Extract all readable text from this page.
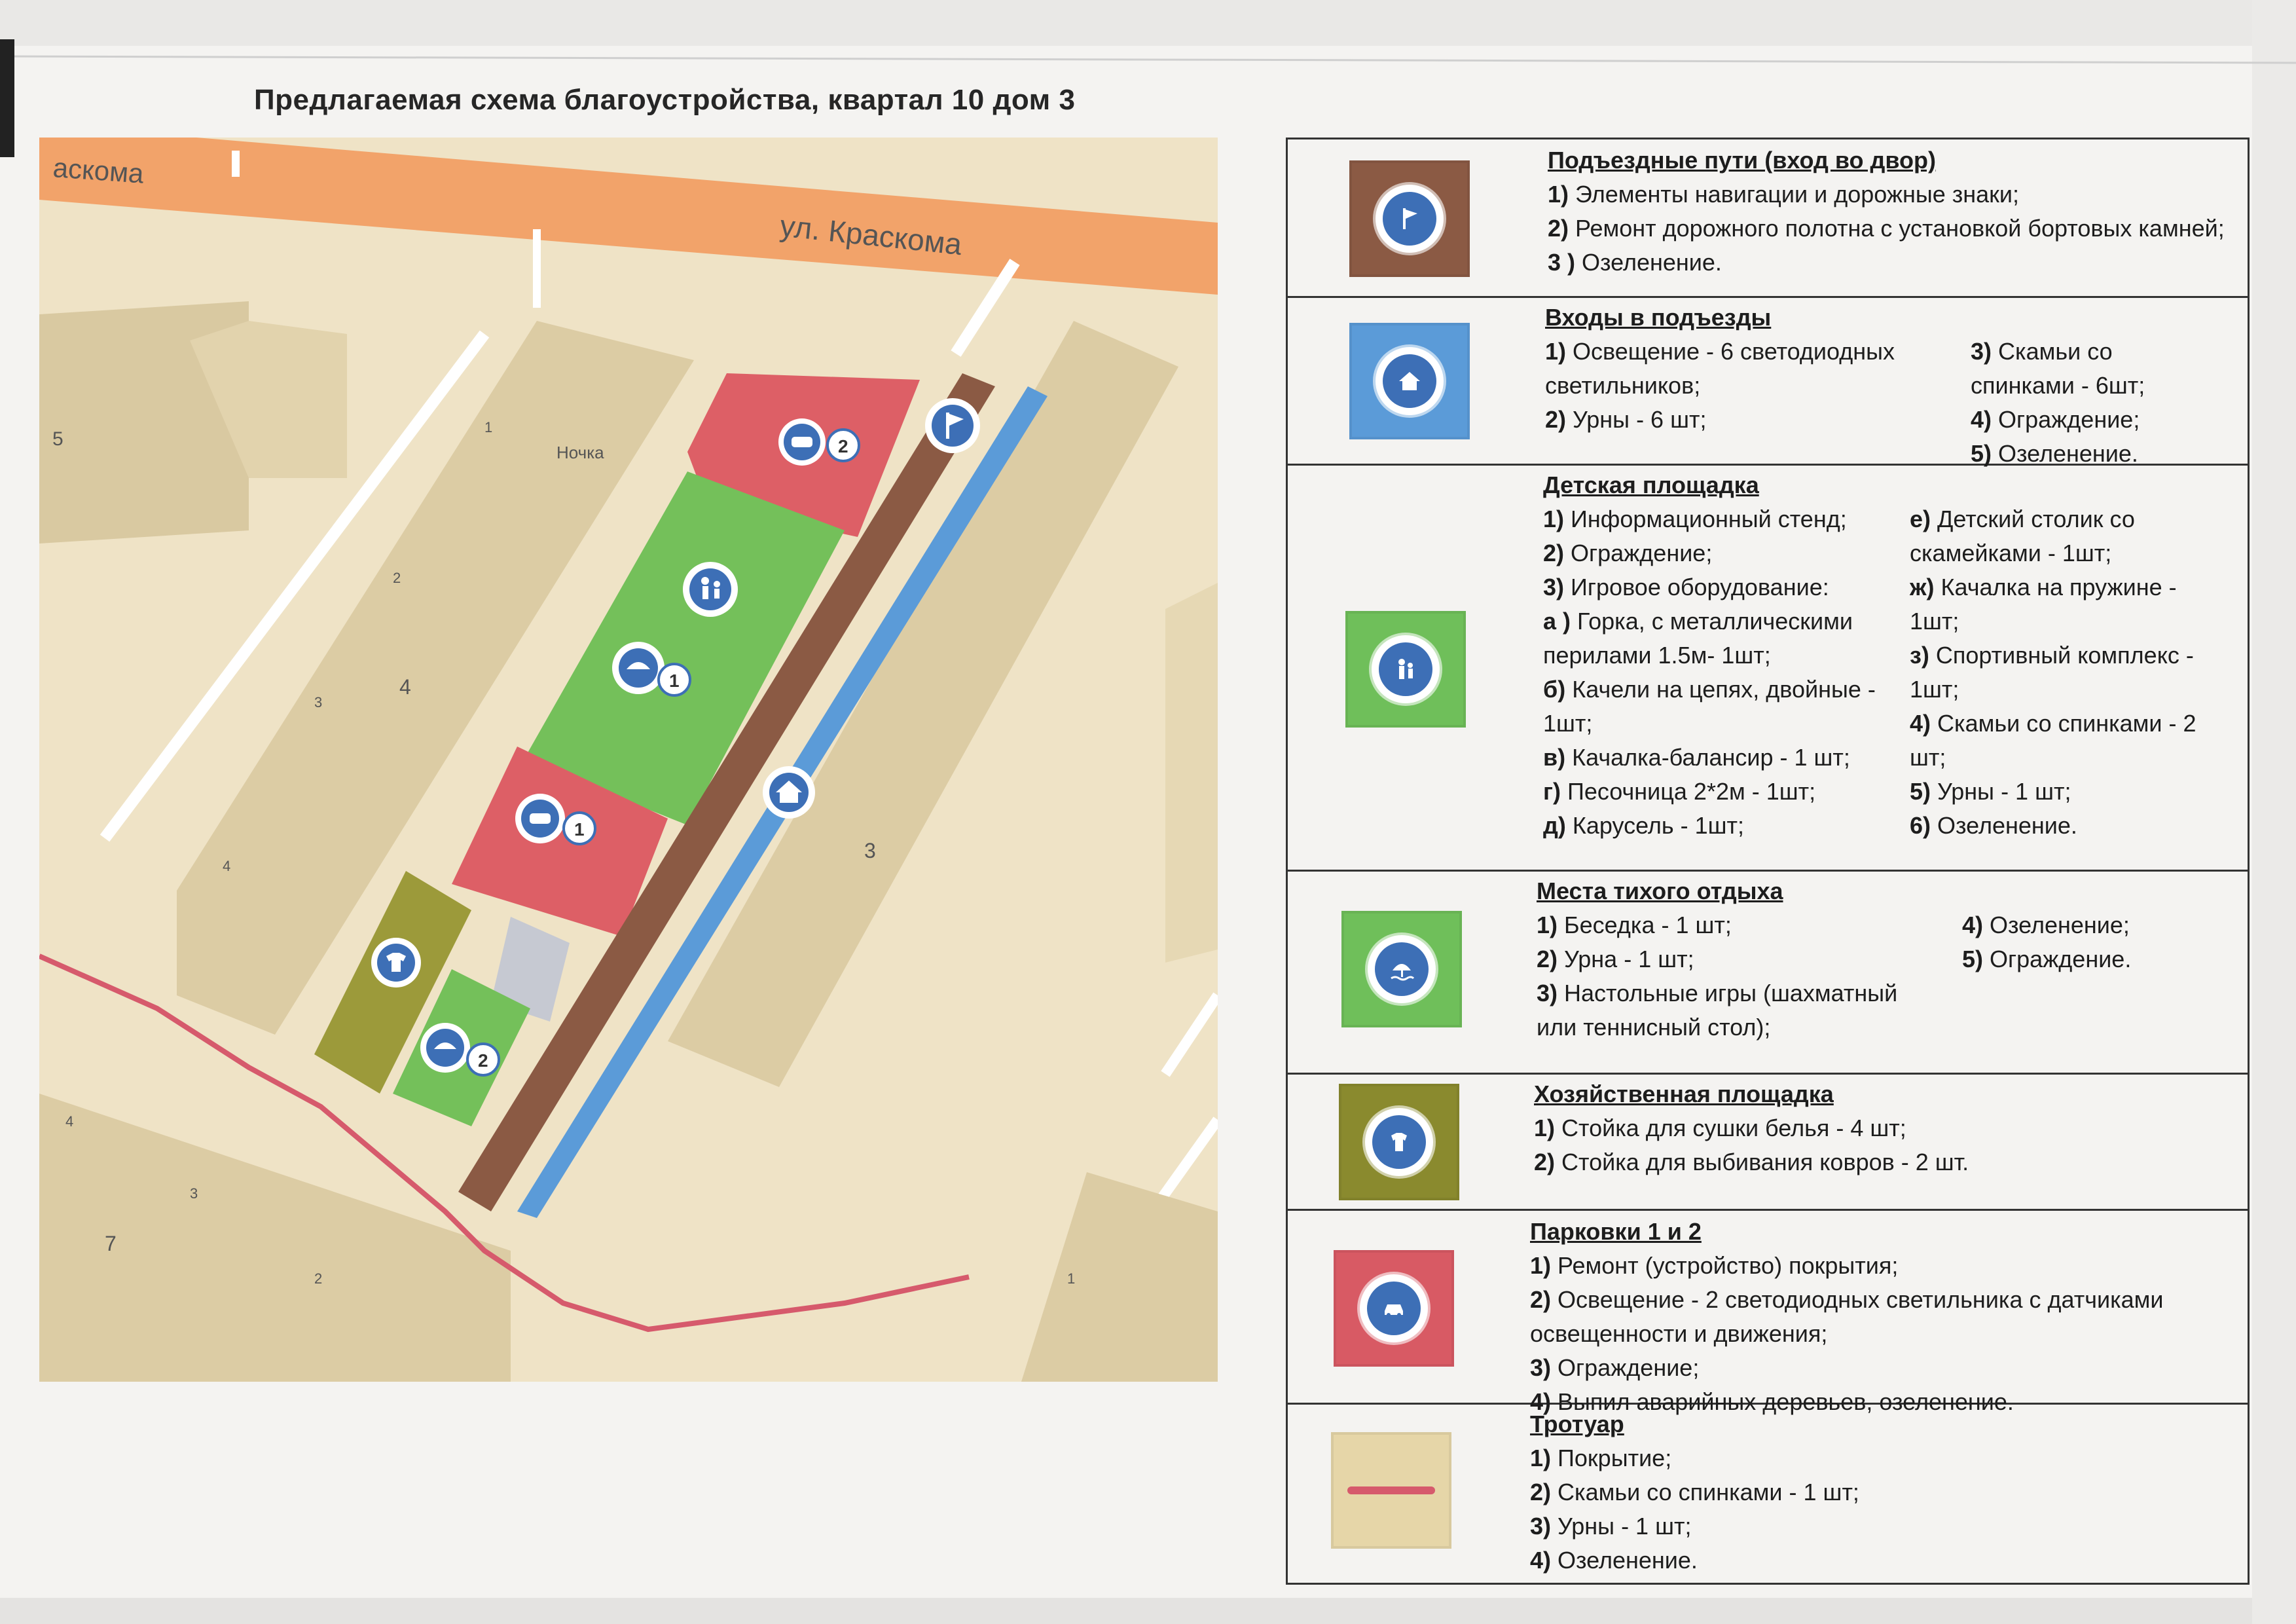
Предлагаемая схема благоустройства, квартал 10 дом 3
аскома
ул. Краскома
Ночка
4
3
7
5
1
2
3
4
4
3
2	1
2
1
1
2
Подъездные пути (вход во двор)
1) Элементы навигации и дорожные знаки;
2) Ремонт дорожного полотна с установкой бортовых камней;
3 ) Озеленение.
Входы в подъезды
1) Освещение - 6 светодиодных светильников;
2) Урны - 6 шт;
3) Скамьи со спинками - 6шт;
4) Ограждение;
5) Озеленение.
Детская площадка
1) Информационный стенд;
2) Ограждение;
3) Игровое оборудование:
а ) Горка, с металлическими перилами 1.5м- 1шт;
б) Качели на цепях, двойные - 1шт;
в) Качалка-балансир - 1 шт;
г) Песочница 2*2м - 1шт;
д) Карусель - 1шт;
е) Детский столик со скамейками - 1шт;
ж) Качалка на пружине - 1шт;
з) Спортивный комплекс - 1шт;
4) Скамьи со спинками - 2 шт;
5) Урны - 1 шт;
6) Озеленение.
Места тихого отдыха
1) Беседка - 1 шт;
2) Урна - 1 шт;
3) Настольные игры (шахматный или теннисный стол);
4) Озеленение;
5) Ограждение.
Хозяйственная площадка
1) Стойка для сушки белья - 4 шт;
2) Стойка для выбивания ковров - 2 шт.
Парковки 1 и 2
1) Ремонт (устройство) покрытия;
2) Освещение - 2 светодиодных светильника с датчиками освещенности и движения;
3) Ограждение;
4) Выпил аварийных деревьев, озеленение.
Тротуар
1) Покрытие;
2) Скамьи со спинками - 1 шт;
3) Урны - 1 шт;
4) Озеленение.
